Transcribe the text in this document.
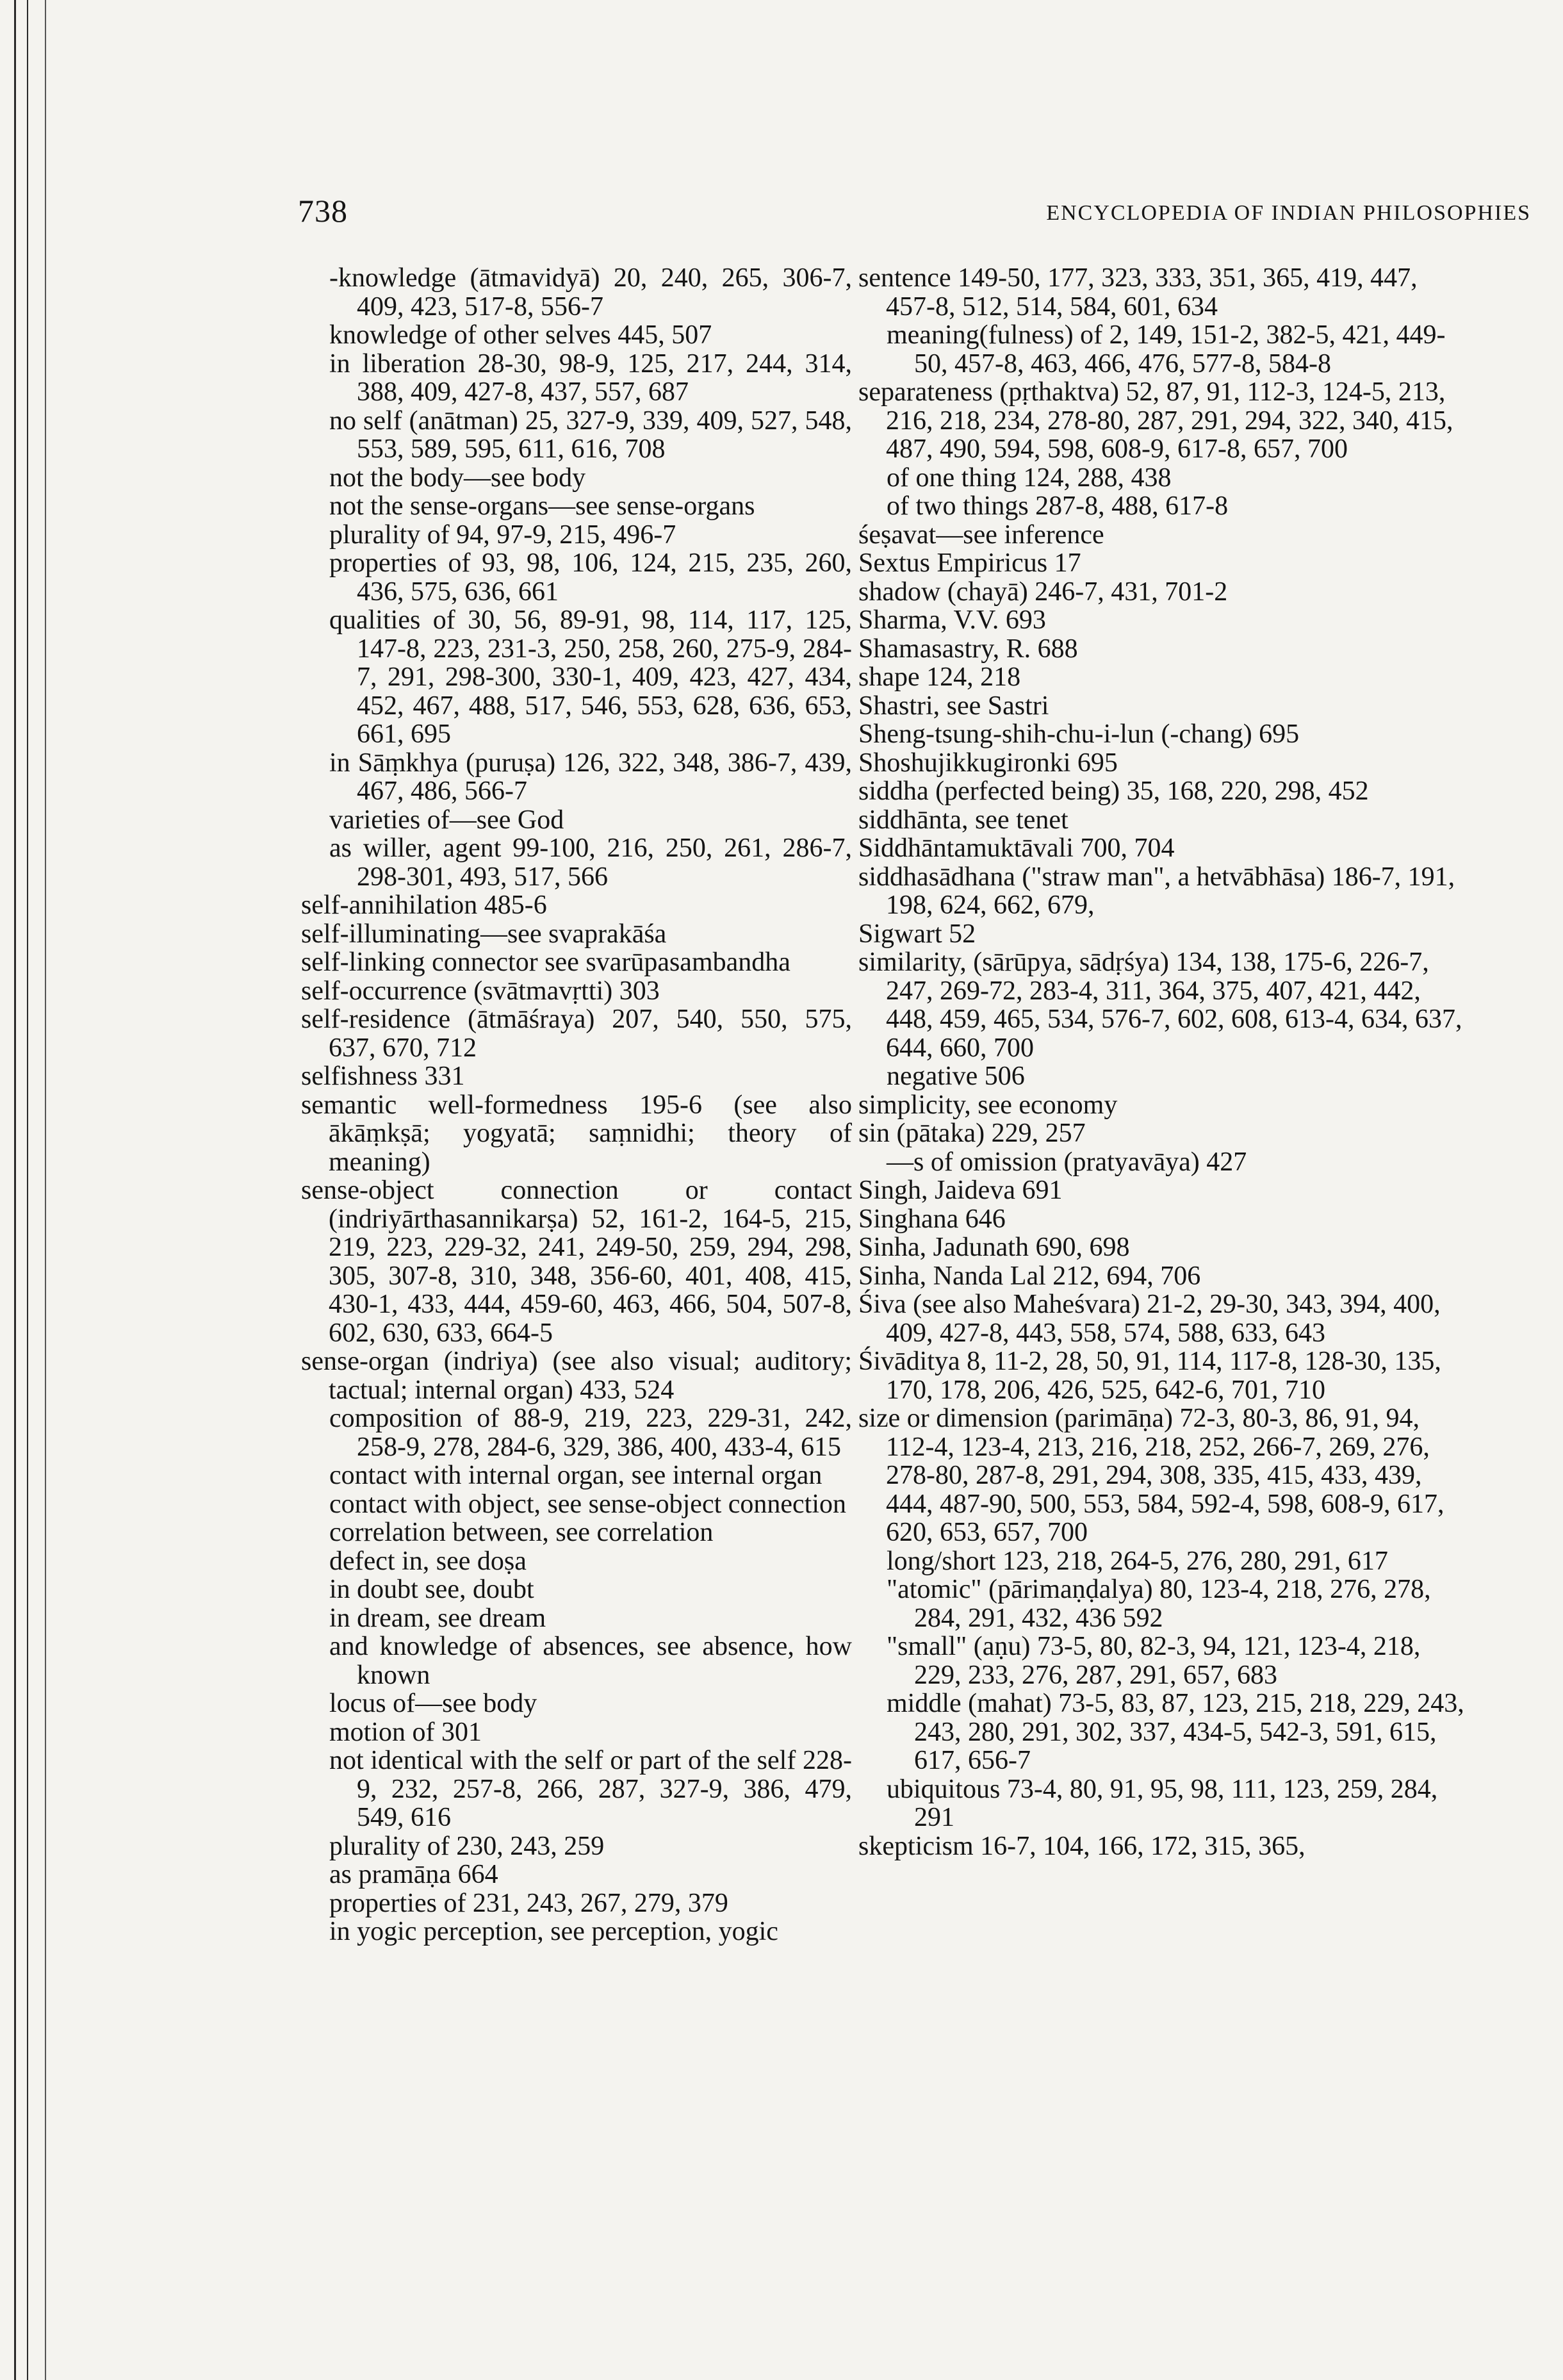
738	ENCYCLOPEDIA OF INDIAN PHILOSOPHIES
-knowledge (ātmavidyā) 20, 240, 265, 306-7, 409, 423, 517-8, 556-7
knowledge of other selves 445, 507
in liberation 28-30, 98-9, 125, 217, 244, 314, 388, 409, 427-8, 437, 557, 687
no self (anātman) 25, 327-9, 339, 409, 527, 548, 553, 589, 595, 611, 616, 708
not the body—see body
not the sense-organs—see sense-organs
plurality of 94, 97-9, 215, 496-7
properties of 93, 98, 106, 124, 215, 235, 260, 436, 575, 636, 661
qualities of 30, 56, 89-91, 98, 114, 117, 125, 147-8, 223, 231-3, 250, 258, 260, 275-9, 284-7, 291, 298-300, 330-1, 409, 423, 427, 434, 452, 467, 488, 517, 546, 553, 628, 636, 653, 661, 695
in Sāṃkhya (puruṣa) 126, 322, 348, 386-7, 439, 467, 486, 566-7
varieties of—see God
as willer, agent 99-100, 216, 250, 261, 286-7, 298-301, 493, 517, 566
self-annihilation 485-6
self-illuminating—see svaprakāśa
self-linking connector see svarūpasambandha
self-occurrence (svātmavṛtti) 303
self-residence (ātmāśraya) 207, 540, 550, 575, 637, 670, 712
selfishness 331
semantic well-formedness 195-6 (see also ākāṃkṣā; yogyatā; saṃnidhi; theory of meaning)
sense-object connection or contact (indriyārthasannikarṣa) 52, 161-2, 164-5, 215, 219, 223, 229-32, 241, 249-50, 259, 294, 298, 305, 307-8, 310, 348, 356-60, 401, 408, 415, 430-1, 433, 444, 459-60, 463, 466, 504, 507-8, 602, 630, 633, 664-5
sense-organ (indriya) (see also visual; auditory; tactual; internal organ) 433, 524
composition of 88-9, 219, 223, 229-31, 242, 258-9, 278, 284-6, 329, 386, 400, 433-4, 615
contact with internal organ, see internal organ
contact with object, see sense-object connection
correlation between, see correlation
defect in, see doṣa
in doubt see, doubt
in dream, see dream
and knowledge of absences, see absence, how known
locus of—see body
motion of 301
not identical with the self or part of the self 228-9, 232, 257-8, 266, 287, 327-9, 386, 479, 549, 616
plurality of 230, 243, 259
as pramāṇa 664
properties of 231, 243, 267, 279, 379
in yogic perception, see perception, yogic
sentence 149-50, 177, 323, 333, 351, 365, 419, 447, 457-8, 512, 514, 584, 601, 634
meaning(fulness) of 2, 149, 151-2, 382-5, 421, 449-50, 457-8, 463, 466, 476, 577-8, 584-8
separateness (pṛthaktva) 52, 87, 91, 112-3, 124-5, 213, 216, 218, 234, 278-80, 287, 291, 294, 322, 340, 415, 487, 490, 594, 598, 608-9, 617-8, 657, 700
of one thing 124, 288, 438
of two things 287-8, 488, 617-8
śeṣavat—see inference
Sextus Empiricus 17
shadow (chayā) 246-7, 431, 701-2
Sharma, V.V. 693
Shamasastry, R. 688
shape 124, 218
Shastri, see Sastri
Sheng-tsung-shih-chu-i-lun (-chang) 695
Shoshujikkugironki 695
siddha (perfected being) 35, 168, 220, 298, 452
siddhānta, see tenet
Siddhāntamuktāvali 700, 704
siddhasādhana ("straw man", a hetvābhāsa) 186-7, 191, 198, 624, 662, 679,
Sigwart 52
similarity, (sārūpya, sādṛśya) 134, 138, 175-6, 226-7, 247, 269-72, 283-4, 311, 364, 375, 407, 421, 442, 448, 459, 465, 534, 576-7, 602, 608, 613-4, 634, 637, 644, 660, 700
negative 506
simplicity, see economy
sin (pātaka) 229, 257
—s of omission (pratyavāya) 427
Singh, Jaideva 691
Singhana 646
Sinha, Jadunath 690, 698
Sinha, Nanda Lal 212, 694, 706
Śiva (see also Maheśvara) 21-2, 29-30, 343, 394, 400, 409, 427-8, 443, 558, 574, 588, 633, 643
Śivāditya 8, 11-2, 28, 50, 91, 114, 117-8, 128-30, 135, 170, 178, 206, 426, 525, 642-6, 701, 710
size or dimension (parimāṇa) 72-3, 80-3, 86, 91, 94, 112-4, 123-4, 213, 216, 218, 252, 266-7, 269, 276, 278-80, 287-8, 291, 294, 308, 335, 415, 433, 439, 444, 487-90, 500, 553, 584, 592-4, 598, 608-9, 617, 620, 653, 657, 700
long/short 123, 218, 264-5, 276, 280, 291, 617
"atomic" (pārimaṇḍalya) 80, 123-4, 218, 276, 278, 284, 291, 432, 436 592
"small" (aṇu) 73-5, 80, 82-3, 94, 121, 123-4, 218, 229, 233, 276, 287, 291, 657, 683
middle (mahat) 73-5, 83, 87, 123, 215, 218, 229, 243, 243, 280, 291, 302, 337, 434-5, 542-3, 591, 615, 617, 656-7
ubiquitous 73-4, 80, 91, 95, 98, 111, 123, 259, 284, 291
skepticism 16-7, 104, 166, 172, 315, 365,
